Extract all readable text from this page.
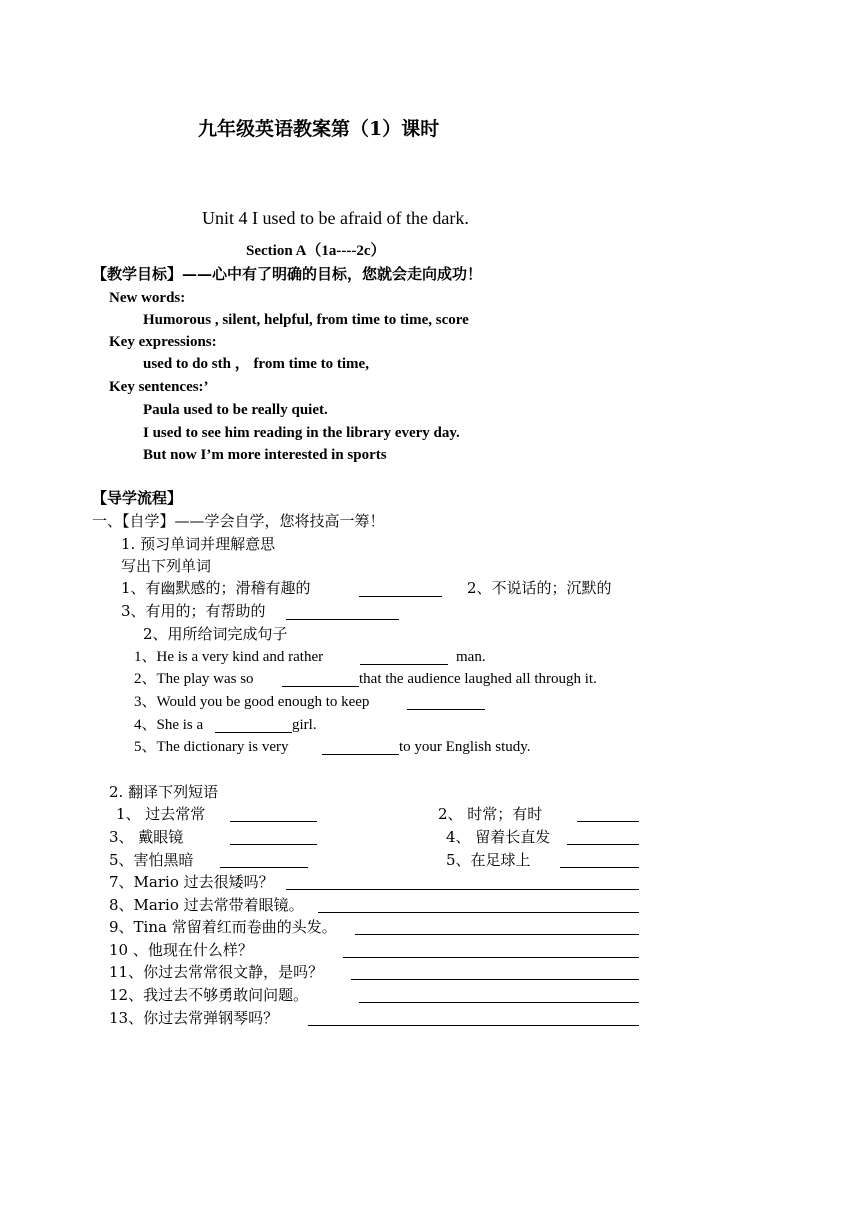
九年级英语教案第（1）课时
Unit 4 I used to be afraid of the dark.
Section A（1a----2c）
【教学目标】——心中有了明确的目标，您就会走向成功！
New words:
Humorous , silent, helpful, from time to time, score
Key expressions:
used to do sth ， from time to time,
Key sentences:’
Paula used to be really quiet.
I used to see him reading in the library every day.
But now I’m more interested in sports
【导学流程】
一、【自学】——学会自学，您将技高一筹！
1. 预习单词并理解意思
写出下列单词
1、有幽默感的；滑稽有趣的	2、不说话的；沉默的
3、有用的；有帮助的
2、用所给词完成句子
1、He is a very kind and rather	man.
2、The play was so	that the audience laughed all through it.
3、Would you be good enough to keep
4、She is a	girl.
5、The dictionary is very	to your English study.
2. 翻译下列短语
1、 过去常常	2、 时常；有时
3、 戴眼镜	4、 留着长直发
5、害怕黑暗	5、在足球上
7、Mario 过去很矮吗？
8、Mario 过去常带着眼镜。
9、Tina 常留着红而卷曲的头发。
10 、他现在什么样？
11、你过去常常很文静，是吗？
12、我过去不够勇敢问问题。
13、你过去常弹钢琴吗？
